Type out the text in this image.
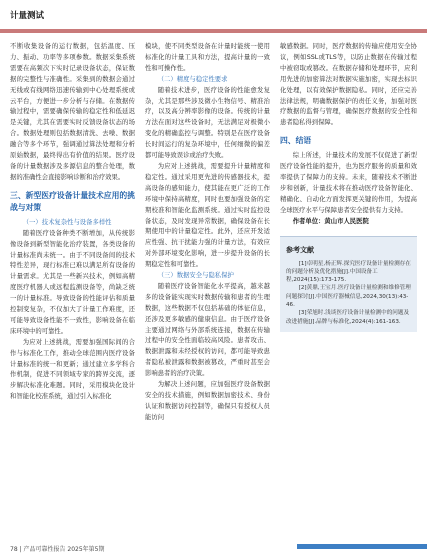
计量测试

不断收集设备的运行数据，包括温度、压力、振动、功率等多项参数。数据采集系统需要在高频次下实时记录设备状态，保证数据的完整性与准确性。采集到的数据会通过无线或有线网络迅速传输到中心处理系统或云平台，方便进一步分析与存储。在数据传输过程中，需要确保传输的稳定性和低延迟是关键，尤其在需要实时反馈设备状态的场合。数据处理则包括数据清洗、去噪、数据融合等多个环节，强调通过算法处理和分析原始数据，最终得出有价值的结果。医疗设备的计量数据涉及多源信息的整合处理，数据的准确性会直接影响诊断和治疗效果。

三、新型医疗设备计量技术应用的挑战与对策

（一）技术复杂性与设备多样性

随着医疗设备种类不断增加，从传统影像设备到新型智能化治疗装置，各类设备的计量标准尚未统一。由于不同设备间的技术特性差异，现行标准已难以满足所有设备的计量需求。尤其是一些新兴技术，例如高精度医疗机器人或远程监测设备等，尚缺乏统一的计量标准。导致设备的性能评估和质量控制变复杂，不仅加大了计量工作难度，还可能导致设备性能不一致性，影响设备在临床环境中的可靠性。

为应对上述挑战，需要加强国际间的合作与标准化工作，推动全球范围内医疗设备计量标准的统一和更新；通过建立多学科合作机制，促进不同领域专家的跨界交流，逐步解决标准化难题。同时，采用模块化设计和智能化校准系统，通过引入标准化

模块，使不同类型设备在计量时能统一使用标准化的计量工具和方法，提高计量的一致性和可操作性。

（二）精度与稳定性要求

随着技术进步，医疗设备的性能愈发复杂，尤其是那些涉及微小生物信号、精准治疗，以及高分辨率影像的设备。传统的计量方法在面对这些设备时，无法满足对极微小变化的精确监控与调整。特别是在医疗设备长时间运行的复杂环境中，任何细微的偏差都可能导致误诊或治疗失败。

为应对上述挑战，需要提升计量精度和稳定性。通过采用更先进的传感器技术，提高设备的感知能力，使其能在更广泛的工作环境中保持高精度，同时也要加强设备的定期校准和智能化监测系统。通过实时监控设备状态，及时发现异常数据，确保设备在长期使用中的计量稳定性。此外，还应开发适应性强、抗干扰能力强的计量方法，有效应对外部环境变化影响，进一步提升设备的长期稳定性和可靠性。

（三）数据安全与隐私保护

随着医疗设备智能化水平提高，越来越多的设备能实现实时数据传输和患者的生理数据，这些数据不仅包括基础的体征信息，还涉及更多敏感的健康信息。由于医疗设备主要通过网络与外部系统连接，数据在传输过程中的安全性面临较高风险。患者攻击、数据泄露和未经授权的访问，都可能导致患者隐私被泄露和数据被篡改，严重时甚至会影响患者的治疗决策。

为解决上述问题，应加强医疗设备数据安全的技术措施，例如数据加密技术、身份认证和数据访问控制等，确保只有授权人员能访问

敏感数据。同时，医疗数据的传输应使用安全协议，例如SSL或TLS等，以防止数据在传输过程中被窃取或篡改。在数据存储和处理环节，应利用先进的加密算法对数据实施加密，实现去标识化处理，以有效保护数据隐私。同时，还应完善法律法规，明确数据保护的责任义务，加强对医疗数据的监督与管理，确保医疗数据的安全性和患者隐私得到保障。

四、结语

综上所述，计量技术的发展不仅促进了新型医疗设备性能的提升，也为医疗服务的质量和效率提供了保障力的支持。未来，随着技术不断进步和创新，计量技术将在推动医疗设备智能化、精确化、自动化方面发挥更关键的作用，为提高全球医疗水平与保障患者安全提供有力支持。

作者单位：黄山市人民医院

参考文献

[1]卓明星,杨正辉.探究医疗设备计量检测存在的问题分析及优化措施[J].中国设备工程,2024(15):173-175.

[2]黄鼎,王宝月.医疗设备计量检测和维修管理问题探讨[J].中国医疗器械信息,2024,30(13):43-46.

[3]荣旭时.浅谈医疗设备计量检测中的问题及改进措施[J].品牌与标准化,2024(4):161-163.

78 | 产品可靠性报告 2025年第5期
